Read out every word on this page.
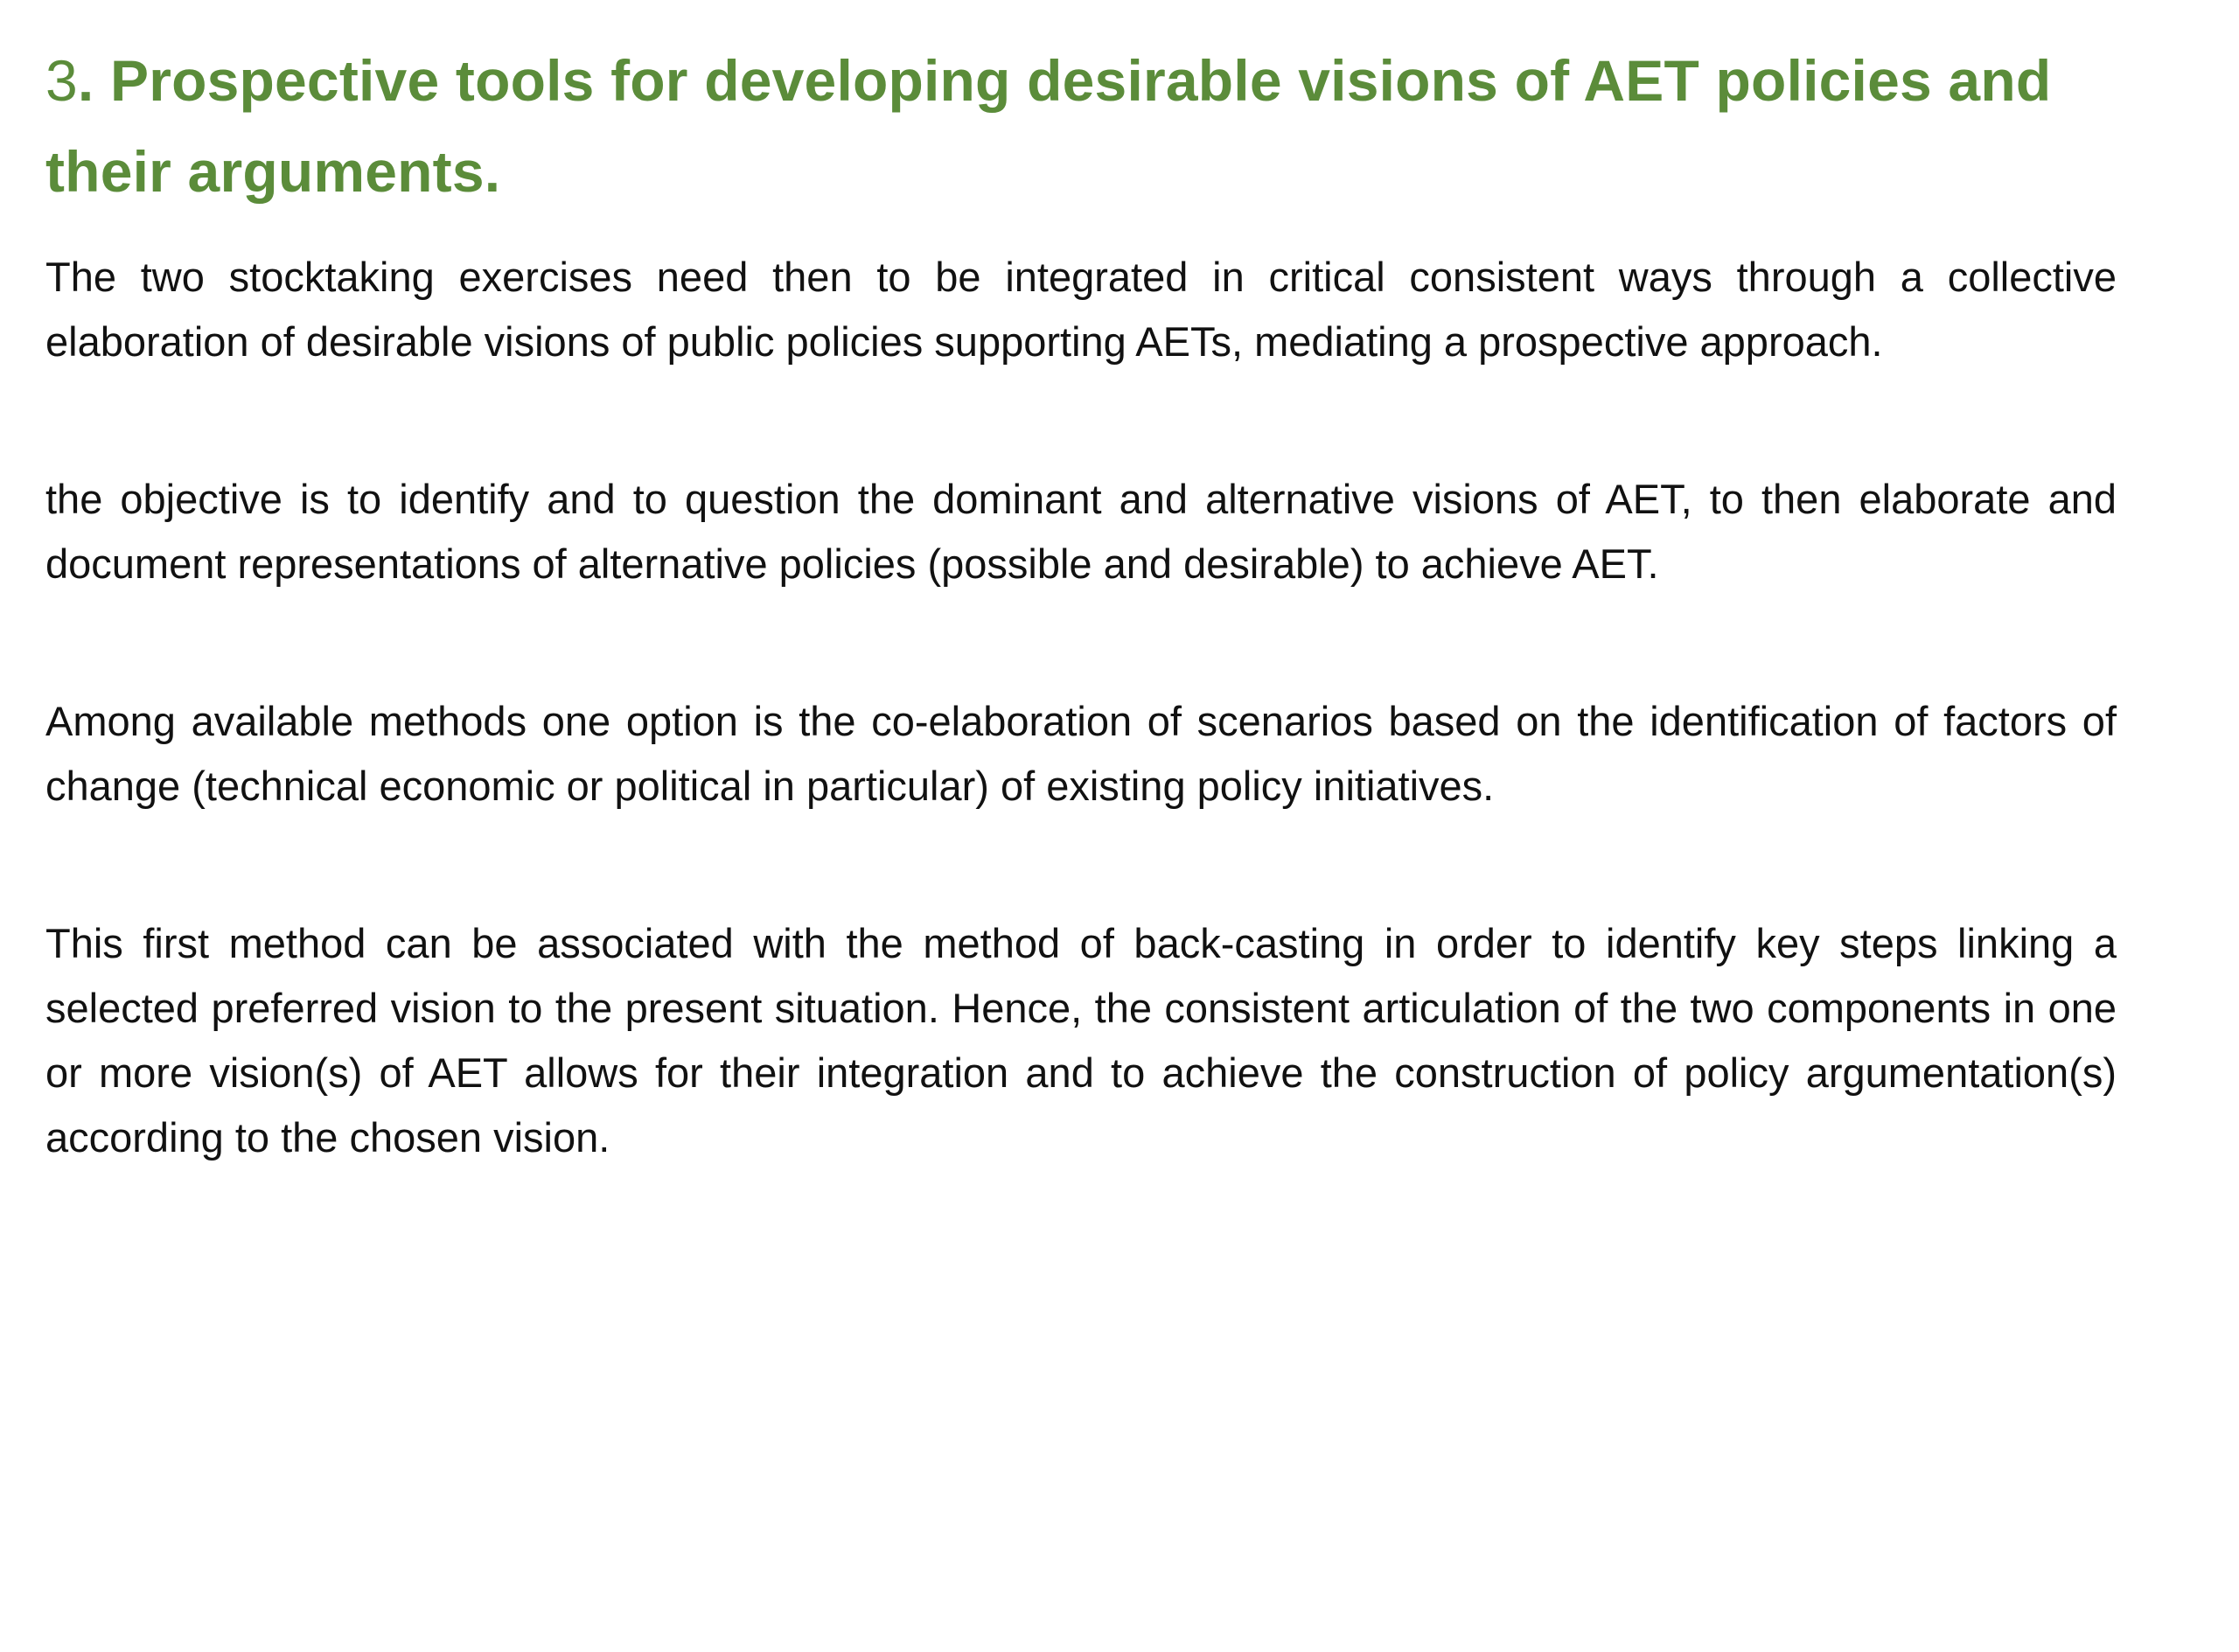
3. Prospective tools for developing desirable visions of AET policies and their arguments.

The two stocktaking exercises need then to be integrated in critical consistent ways through a collective elaboration of desirable visions of public policies supporting AETs, mediating a prospective approach.

the objective is to identify and to question the dominant and alternative visions of AET, to then elaborate and document representations of alternative policies (possible and desirable) to achieve AET.

Among available methods one option is the co-elaboration of scenarios based on the identification of factors of change (technical economic or political in particular) of existing policy initiatives.

This first method can be associated with the method of back-casting in order to identify key steps linking a selected preferred vision to the present situation. Hence, the consistent articulation of the two components in one or more vision(s) of AET allows for their integration and to achieve the construction of policy argumentation(s) according to the chosen vision.
